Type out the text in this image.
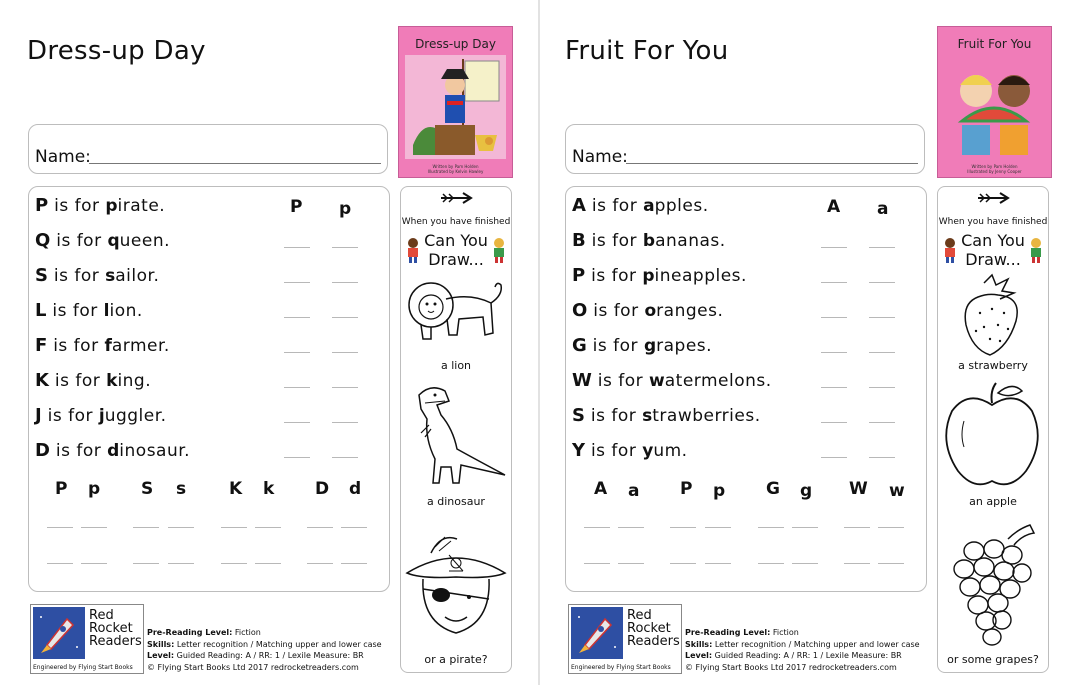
Dress-up Day	Dress-up Day
Written by Pam Holden
Illustrated by Kelvin Hawley
Name:
P is for pirate.
Q is for queen.
S is for sailor.
L is for lion.
F is for farmer.
K is for king.
J is for juggler.
D is for dinosaur.
P p
P p S s	K k D d
When you have finished
Can You
Draw...
a lion
a dinosaur
or a pirate?
Red
Rocket
Readers
Engineered by Flying Start Books
Pre-Reading Level: Fiction
Skills: Letter recognition / Matching upper and lower case
Level: Guided Reading: A / RR: 1 / Lexile Measure: BR
© Flying Start Books Ltd 2017 redrocketreaders.com
Fruit For You	Fruit For You
Written by Pam Holden
Illustrated by Jenny Cooper
Name:
A is for apples.
B is for bananas.
P is for pineapples.
O is for oranges.
G is for grapes.
W is for watermelons.
S is for strawberries.
Y is for yum.
A a
A a P p G g W w
When you have finished
Can You
Draw...
a strawberry
an apple
or some grapes?
Red
Rocket
Readers
Engineered by Flying Start Books
Pre-Reading Level: Fiction
Skills: Letter recognition / Matching upper and lower case
Level: Guided Reading: A / RR: 1 / Lexile Measure: BR
© Flying Start Books Ltd 2017 redrocketreaders.com
